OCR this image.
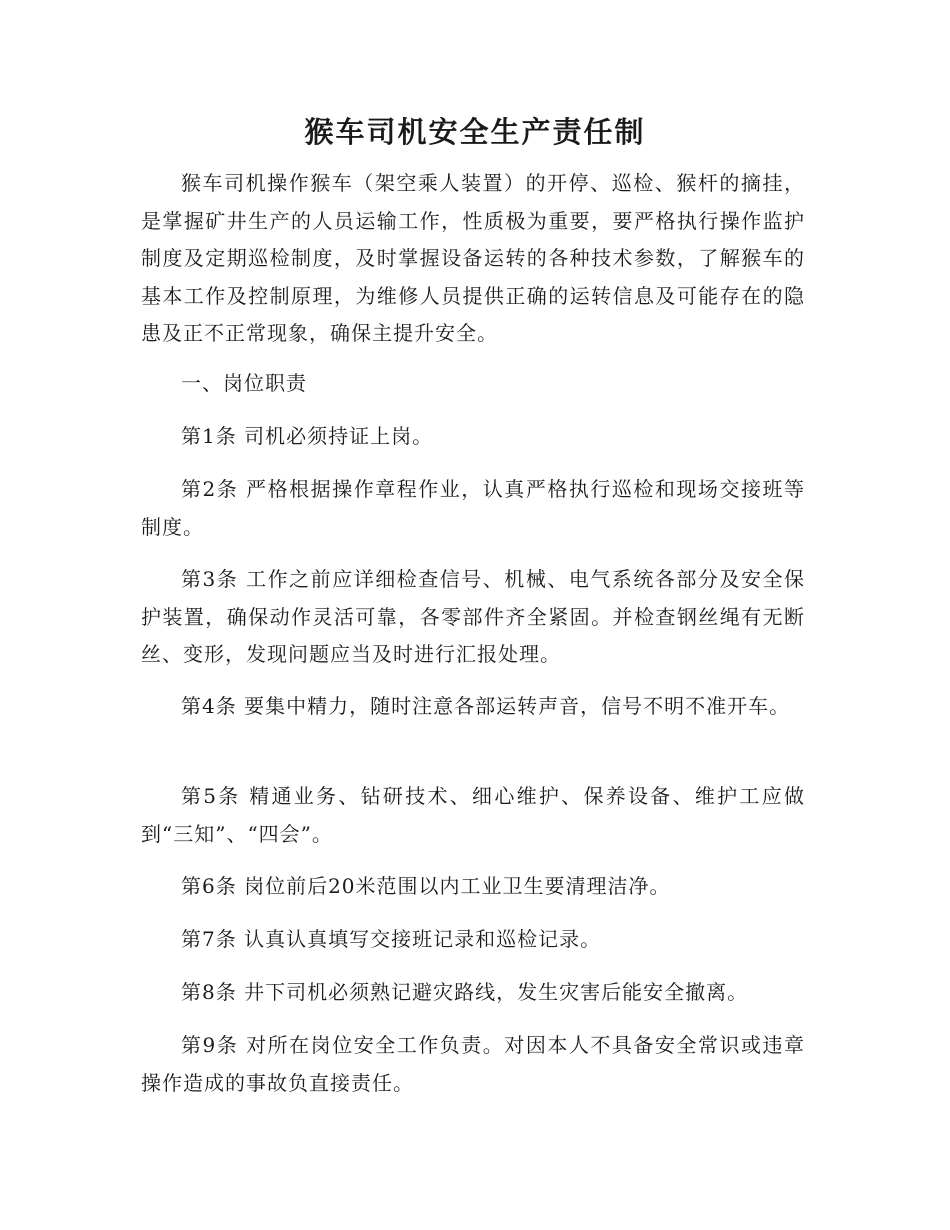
猴车司机安全生产责任制

猴车司机操作猴车（架空乘人装置）的开停、巡检、猴杆的摘挂，是掌握矿井生产的人员运输工作，性质极为重要，要严格执行操作监护制度及定期巡检制度，及时掌握设备运转的各种技术参数，了解猴车的基本工作及控制原理，为维修人员提供正确的运转信息及可能存在的隐患及正不正常现象，确保主提升安全。

一、岗位职责

第1条 司机必须持证上岗。

第2条 严格根据操作章程作业，认真严格执行巡检和现场交接班等制度。

第3条 工作之前应详细检查信号、机械、电气系统各部分及安全保护装置，确保动作灵活可靠，各零部件齐全紧固。并检查钢丝绳有无断丝、变形，发现问题应当及时进行汇报处理。

第4条 要集中精力，随时注意各部运转声音，信号不明不准开车。

第5条 精通业务、钻研技术、细心维护、保养设备、维护工应做到“三知”、“四会”。

第6条 岗位前后20米范围以内工业卫生要清理洁净。

第7条 认真认真填写交接班记录和巡检记录。

第8条 井下司机必须熟记避灾路线，发生灾害后能安全撤离。

第9条 对所在岗位安全工作负责。对因本人不具备安全常识或违章操作造成的事故负直接责任。
